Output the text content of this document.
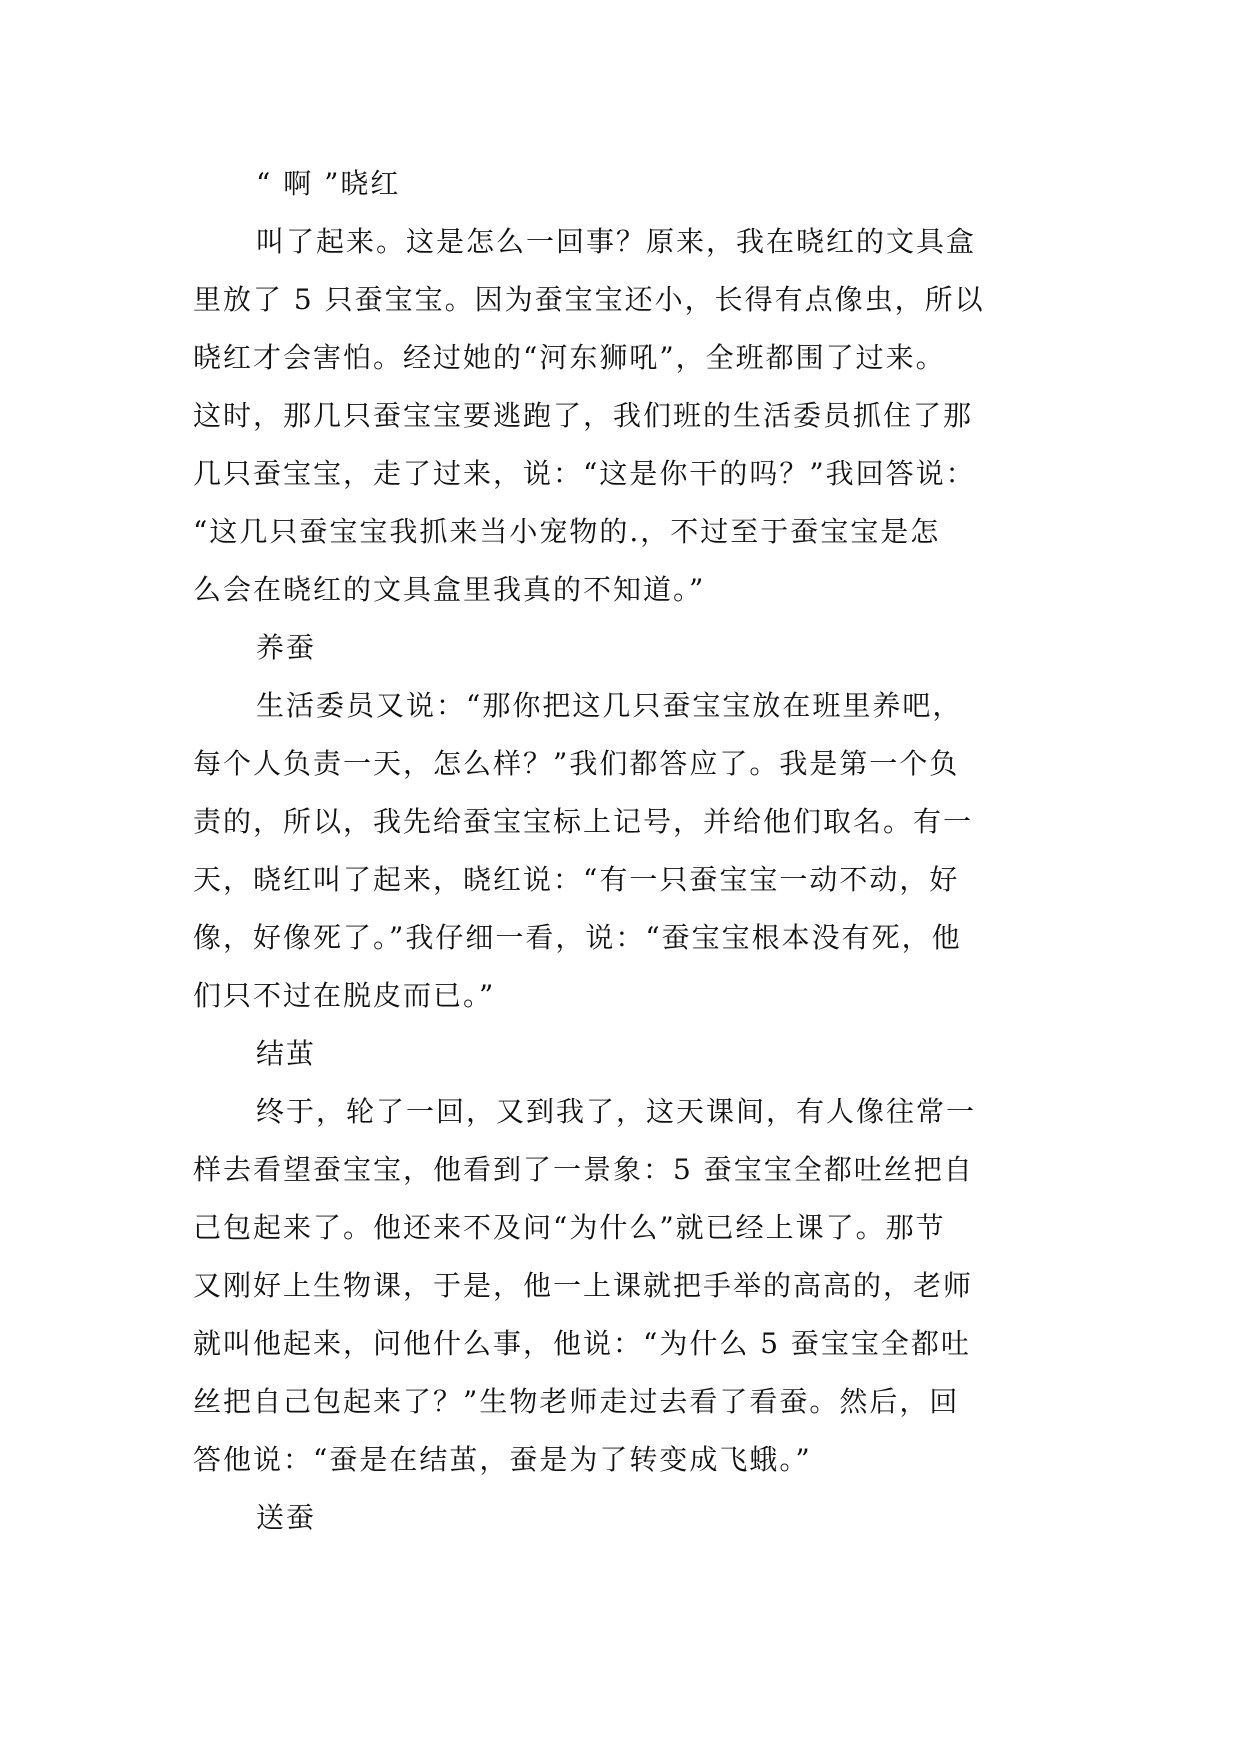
“ 啊 ”晓红
叫了起来。这是怎么一回事？原来，我在晓红的文具盒
里放了 5 只蚕宝宝。因为蚕宝宝还小，长得有点像虫，所以
晓红才会害怕。经过她的“河东狮吼”，全班都围了过来。
这时，那几只蚕宝宝要逃跑了，我们班的生活委员抓住了那
几只蚕宝宝，走了过来，说：“这是你干的吗？”我回答说：
“这几只蚕宝宝我抓来当小宠物的.，不过至于蚕宝宝是怎
么会在晓红的文具盒里我真的不知道。”
养蚕
生活委员又说：“那你把这几只蚕宝宝放在班里养吧，
每个人负责一天，怎么样？”我们都答应了。我是第一个负
责的，所以，我先给蚕宝宝标上记号，并给他们取名。有一
天，晓红叫了起来，晓红说：“有一只蚕宝宝一动不动，好
像，好像死了。”我仔细一看，说：“蚕宝宝根本没有死，他
们只不过在脱皮而已。”
结茧
终于，轮了一回，又到我了，这天课间，有人像往常一
样去看望蚕宝宝，他看到了一景象：5 蚕宝宝全都吐丝把自
己包起来了。他还来不及问“为什么”就已经上课了。那节
又刚好上生物课，于是，他一上课就把手举的高高的，老师
就叫他起来，问他什么事，他说：“为什么 5 蚕宝宝全都吐
丝把自己包起来了？”生物老师走过去看了看蚕。然后，回
答他说：“蚕是在结茧，蚕是为了转变成飞蛾。”
送蚕
